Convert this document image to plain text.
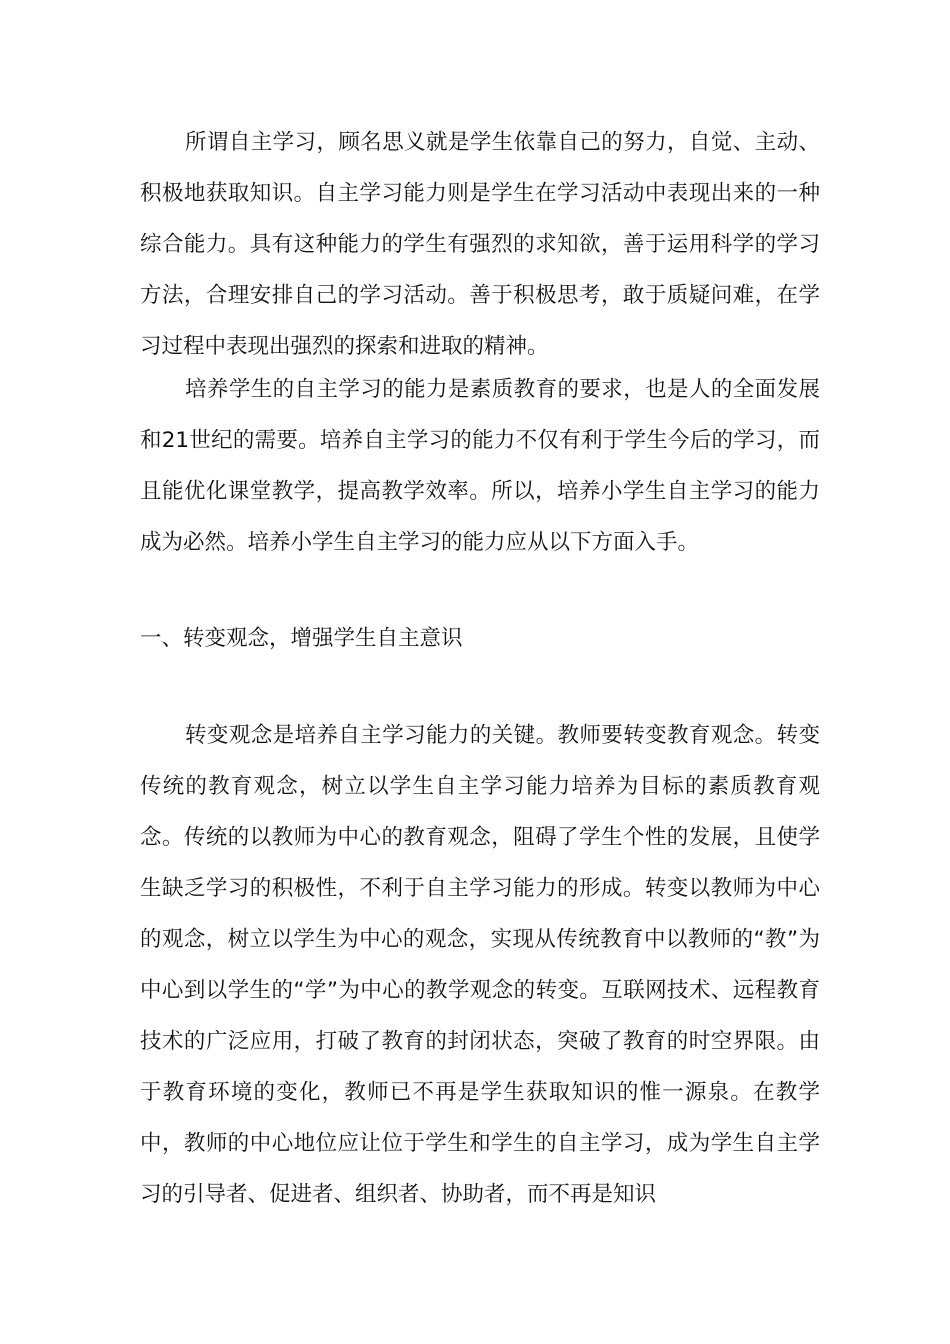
所谓自主学习，顾名思义就是学生依靠自己的努力，自觉、主动、积极地获取知识。自主学习能力则是学生在学习活动中表现出来的一种综合能力。具有这种能力的学生有强烈的求知欲，善于运用科学的学习方法，合理安排自己的学习活动。善于积极思考，敢于质疑问难，在学习过程中表现出强烈的探索和进取的精神。

培养学生的自主学习的能力是素质教育的要求，也是人的全面发展和21世纪的需要。培养自主学习的能力不仅有利于学生今后的学习，而且能优化课堂教学，提高教学效率。所以，培养小学生自主学习的能力成为必然。培养小学生自主学习的能力应从以下方面入手。

一、转变观念，增强学生自主意识

转变观念是培养自主学习能力的关键。教师要转变教育观念。转变传统的教育观念，树立以学生自主学习能力培养为目标的素质教育观念。传统的以教师为中心的教育观念，阻碍了学生个性的发展，且使学生缺乏学习的积极性，不利于自主学习能力的形成。转变以教师为中心的观念，树立以学生为中心的观念，实现从传统教育中以教师的“教”为中心到以学生的“学”为中心的教学观念的转变。互联网技术、远程教育技术的广泛应用，打破了教育的封闭状态，突破了教育的时空界限。由于教育环境的变化，教师已不再是学生获取知识的惟一源泉。在教学中，教师的中心地位应让位于学生和学生的自主学习，成为学生自主学习的引导者、促进者、组织者、协助者，而不再是知识
